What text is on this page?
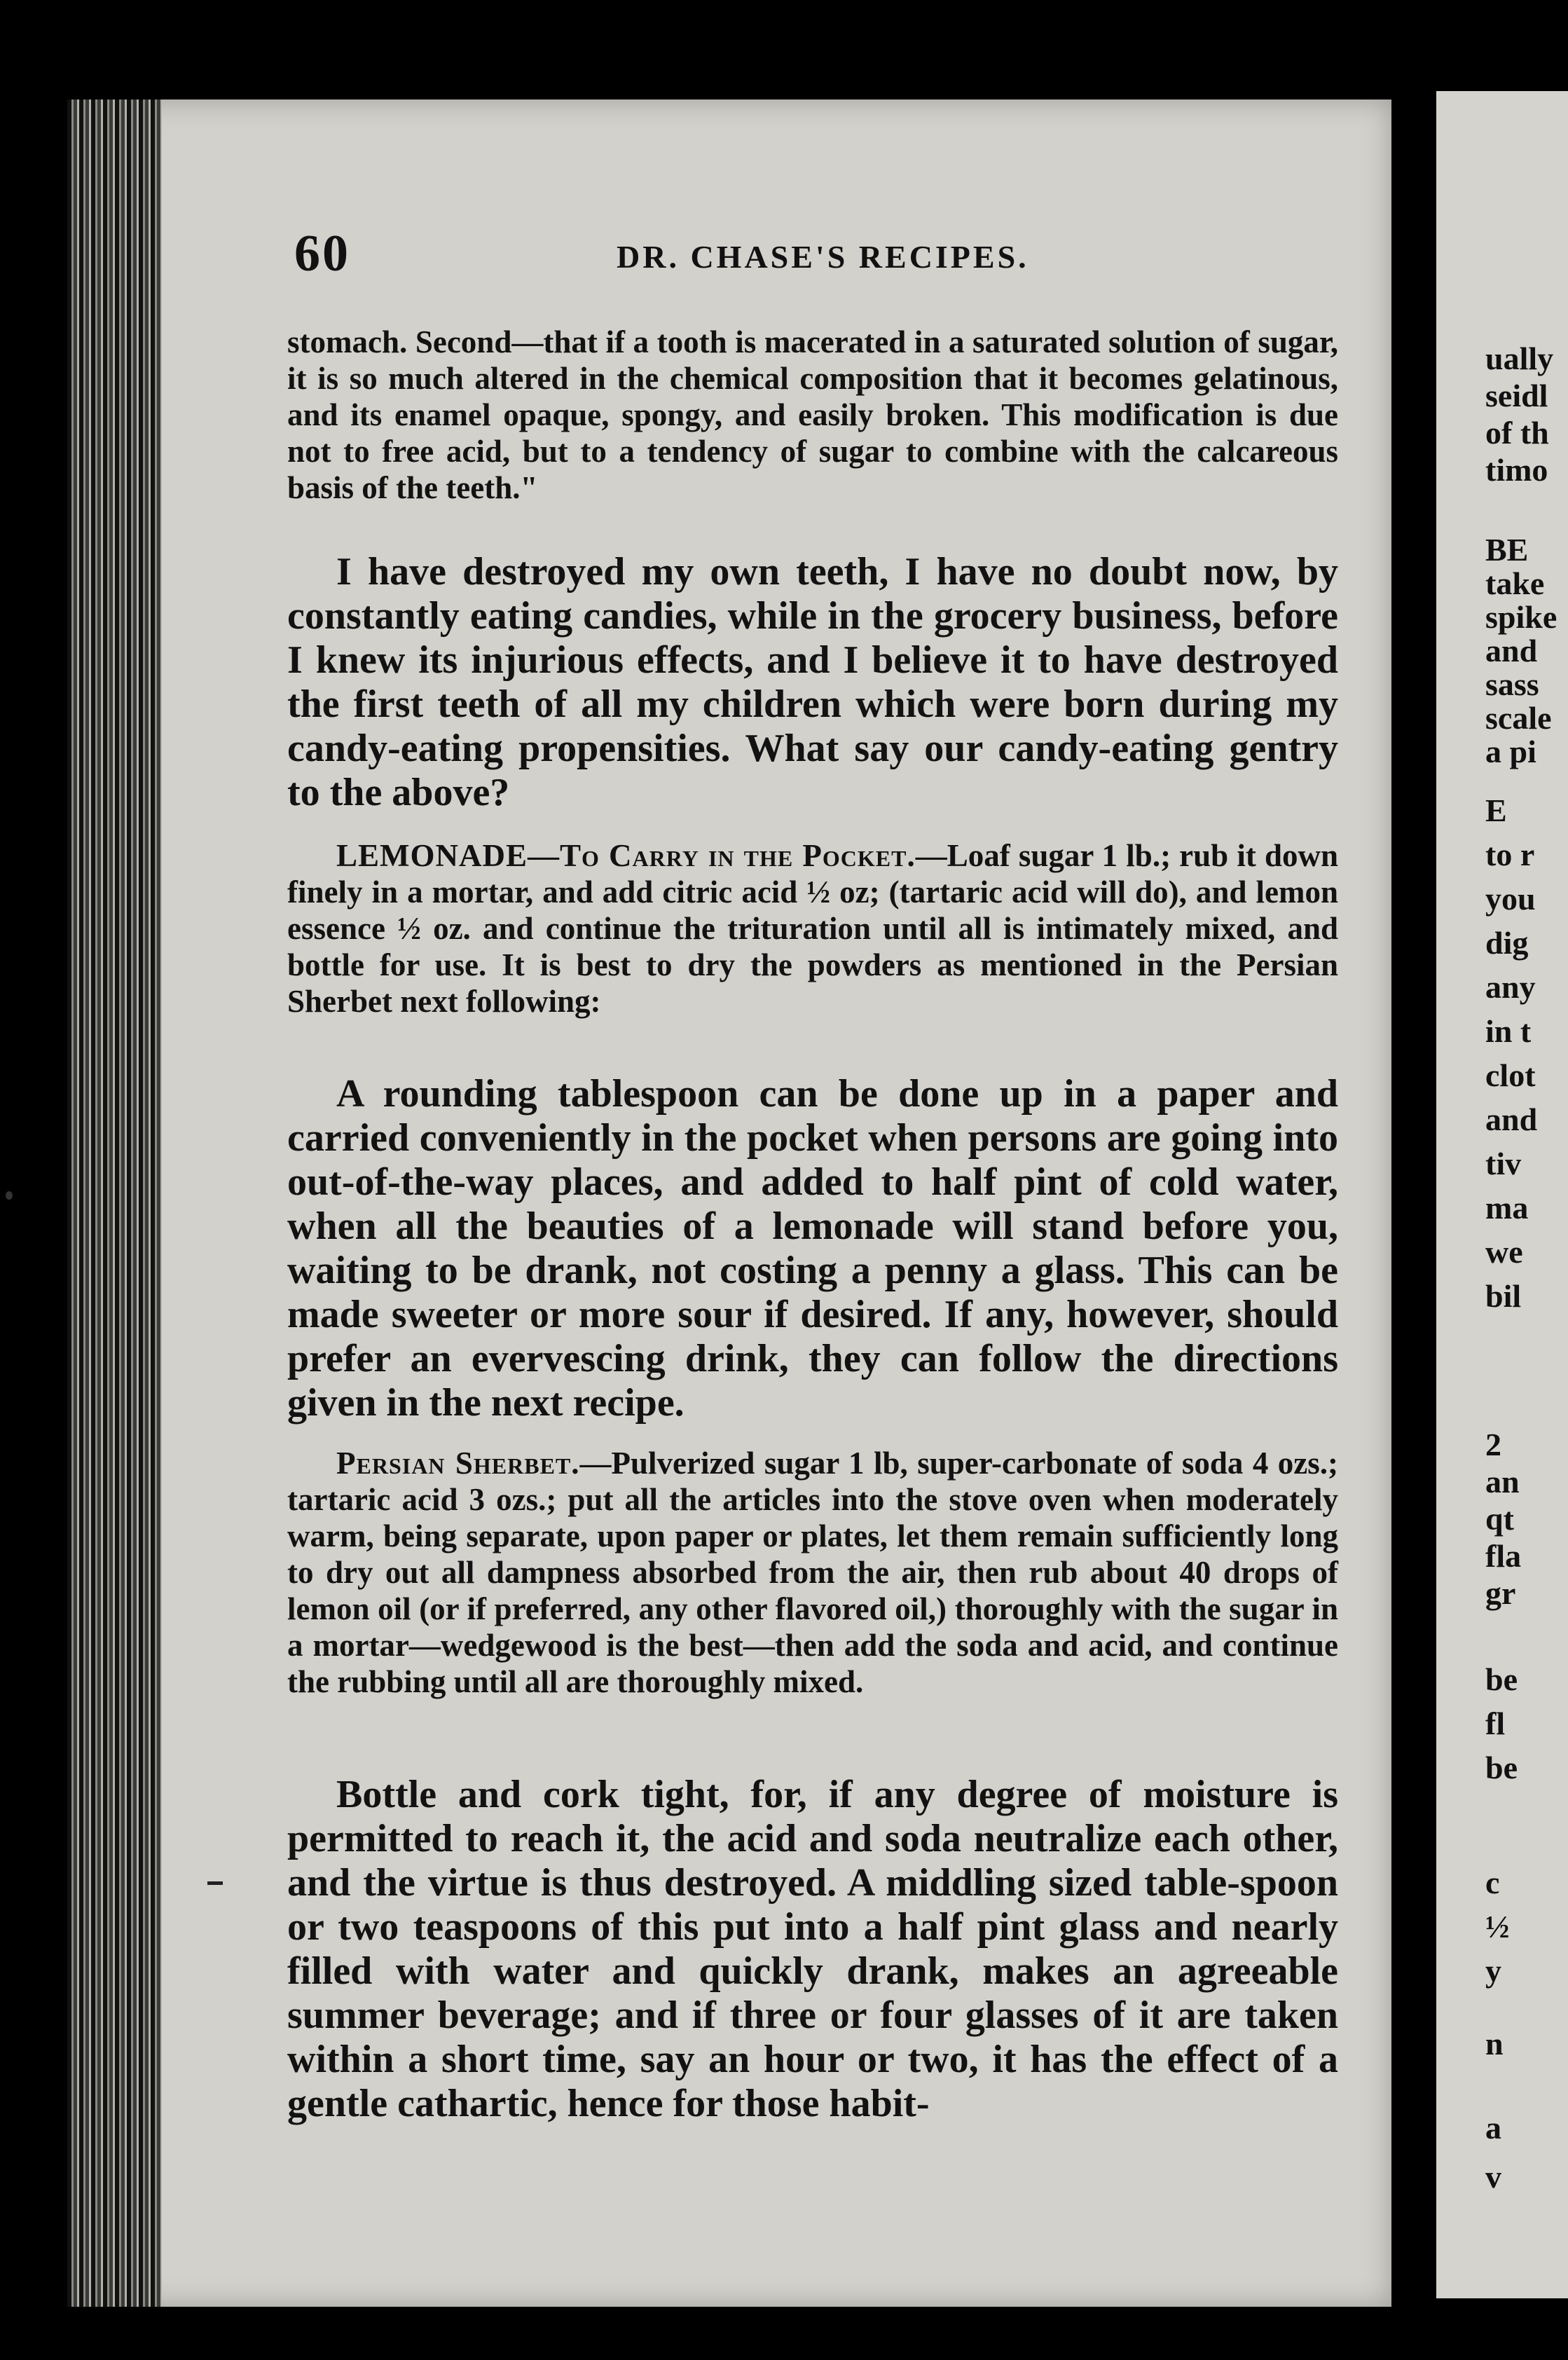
ually
seidl
of th
timo
BE
take
spike
and
sass
scale
a pi
E
to r
you
dig
any
in t
clot
and
tiv
ma
we
bil
2
an
qt
fla
gr
be
fl
be
c
½
y
n
a
v
60	DR. CHASE'S RECIPES.
stomach. Second—that if a tooth is macerated in a saturated solution of sugar, it is so much altered in the chemical composition that it becomes gelatinous, and its enamel opaque, spongy, and easily broken. This modification is due not to free acid, but to a tendency of sugar to combine with the calcareous basis of the teeth."
I have destroyed my own teeth, I have no doubt now, by constantly eating candies, while in the grocery business, before I knew its injurious effects, and I believe it to have destroyed the first teeth of all my children which were born during my candy-eating propensities. What say our candy-eating gentry to the above?
LEMONADE—To Carry in the Pocket.—Loaf sugar 1 lb.; rub it down finely in a mortar, and add citric acid ½ oz; (tartaric acid will do), and lemon essence ½ oz. and continue the trituration until all is intimately mixed, and bottle for use. It is best to dry the powders as mentioned in the Persian Sherbet next following:
A rounding tablespoon can be done up in a paper and carried conveniently in the pocket when persons are going into out-of-the-way places, and added to half pint of cold water, when all the beauties of a lemonade will stand before you, waiting to be drank, not costing a penny a glass. This can be made sweeter or more sour if desired. If any, however, should prefer an evervescing drink, they can follow the directions given in the next recipe.
Persian Sherbet.—Pulverized sugar 1 lb, super-carbonate of soda 4 ozs.; tartaric acid 3 ozs.; put all the articles into the stove oven when moderately warm, being separate, upon paper or plates, let them remain sufficiently long to dry out all dampness absorbed from the air, then rub about 40 drops of lemon oil (or if preferred, any other flavored oil,) thoroughly with the sugar in a mortar—wedgewood is the best—then add the soda and acid, and continue the rubbing until all are thoroughly mixed.
Bottle and cork tight, for, if any degree of moisture is permitted to reach it, the acid and soda neutralize each other, and the virtue is thus destroyed. A middling sized table-spoon or two teaspoons of this put into a half pint glass and nearly filled with water and quickly drank, makes an agreeable summer beverage; and if three or four glasses of it are taken within a short time, say an hour or two, it has the effect of a gentle cathartic, hence for those habit-
